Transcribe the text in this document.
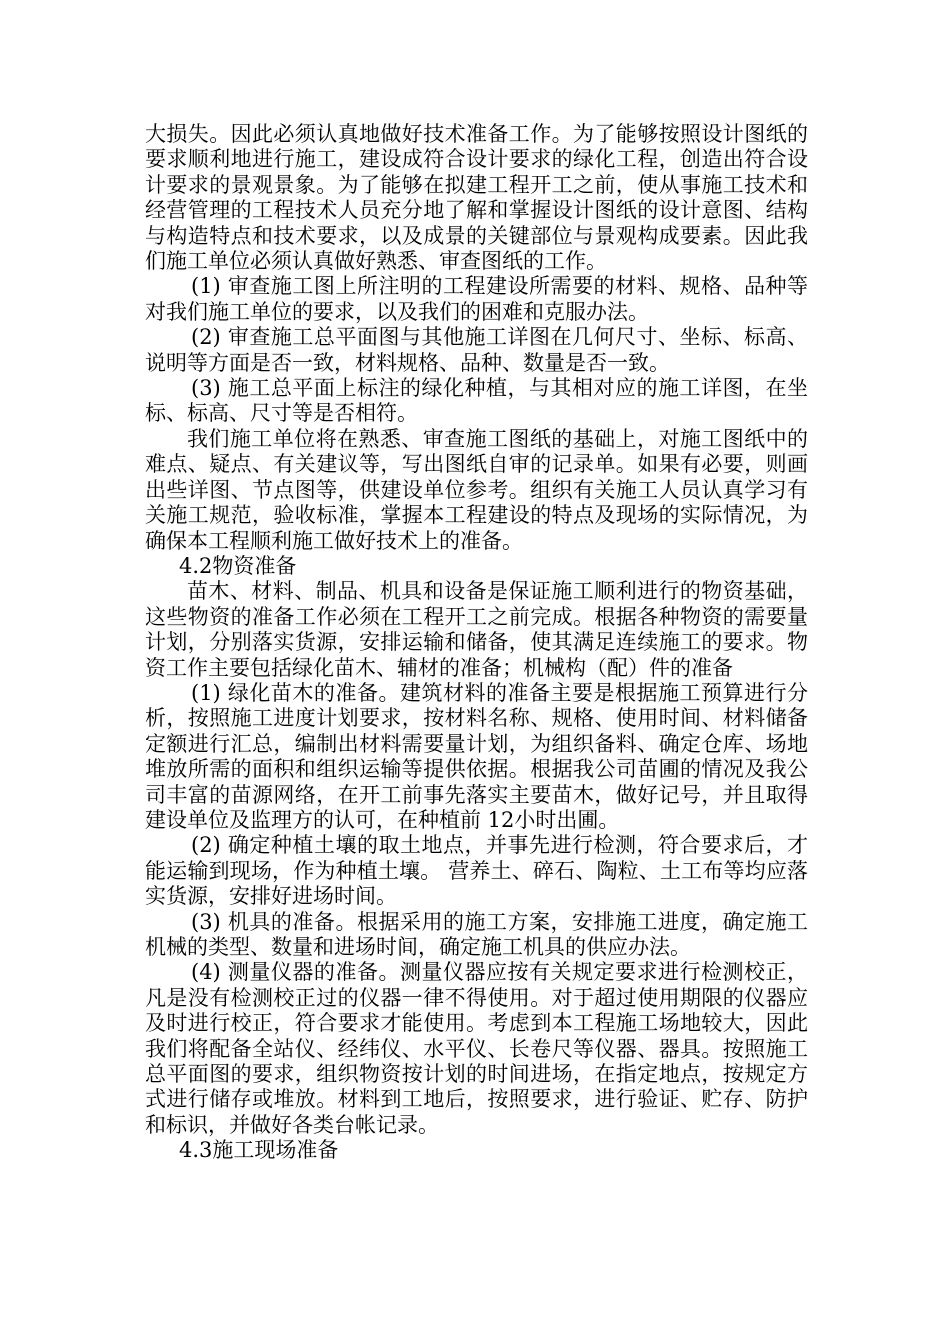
大损失。因此必须认真地做好技术准备工作。为了能够按照设计图纸的要求顺利地进行施工，建设成符合设计要求的绿化工程，创造出符合设计要求的景观景象。为了能够在拟建工程开工之前，使从事施工技术和经营管理的工程技术人员充分地了解和掌握设计图纸的设计意图、结构与构造特点和技术要求，以及成景的关键部位与景观构成要素。因此我们施工单位必须认真做好熟悉、审查图纸的工作。

(1) 审查施工图上所注明的工程建设所需要的材料、规格、品种等对我们施工单位的要求，以及我们的困难和克服办法。

(2) 审查施工总平面图与其他施工详图在几何尺寸、坐标、标高、说明等方面是否一致，材料规格、品种、数量是否一致。

(3) 施工总平面上标注的绿化种植，与其相对应的施工详图，在坐标、标高、尺寸等是否相符。

我们施工单位将在熟悉、审查施工图纸的基础上，对施工图纸中的难点、疑点、有关建议等，写出图纸自审的记录单。如果有必要，则画出些详图、节点图等，供建设单位参考。组织有关施工人员认真学习有关施工规范，验收标准，掌握本工程建设的特点及现场的实际情况，为确保本工程顺利施工做好技术上的准备。

4.2物资准备

苗木、材料、制品、机具和设备是保证施工顺利进行的物资基础，这些物资的准备工作必须在工程开工之前完成。根据各种物资的需要量计划，分别落实货源，安排运输和储备，使其满足连续施工的要求。物资工作主要包括绿化苗木、辅材的准备；机械构（配）件的准备

(1) 绿化苗木的准备。建筑材料的准备主要是根据施工预算进行分析，按照施工进度计划要求，按材料名称、规格、使用时间、材料储备定额进行汇总，编制出材料需要量计划，为组织备料、确定仓库、场地堆放所需的面积和组织运输等提供依据。根据我公司苗圃的情况及我公司丰富的苗源网络，在开工前事先落实主要苗木，做好记号，并且取得建设单位及监理方的认可，在种植前 12小时出圃。

(2) 确定种植土壤的取土地点，并事先进行检测，符合要求后，才能运输到现场，作为种植土壤。 营养土、碎石、陶粒、土工布等均应落实货源，安排好进场时间。

(3) 机具的准备。根据采用的施工方案，安排施工进度，确定施工机械的类型、数量和进场时间，确定施工机具的供应办法。

(4) 测量仪器的准备。测量仪器应按有关规定要求进行检测校正，凡是没有检测校正过的仪器一律不得使用。对于超过使用期限的仪器应及时进行校正，符合要求才能使用。考虑到本工程施工场地较大，因此我们将配备全站仪、经纬仪、水平仪、长卷尺等仪器、器具。按照施工总平面图的要求，组织物资按计划的时间进场，在指定地点，按规定方式进行储存或堆放。材料到工地后，按照要求，进行验证、贮存、防护和标识，并做好各类台帐记录。

4.3施工现场准备
